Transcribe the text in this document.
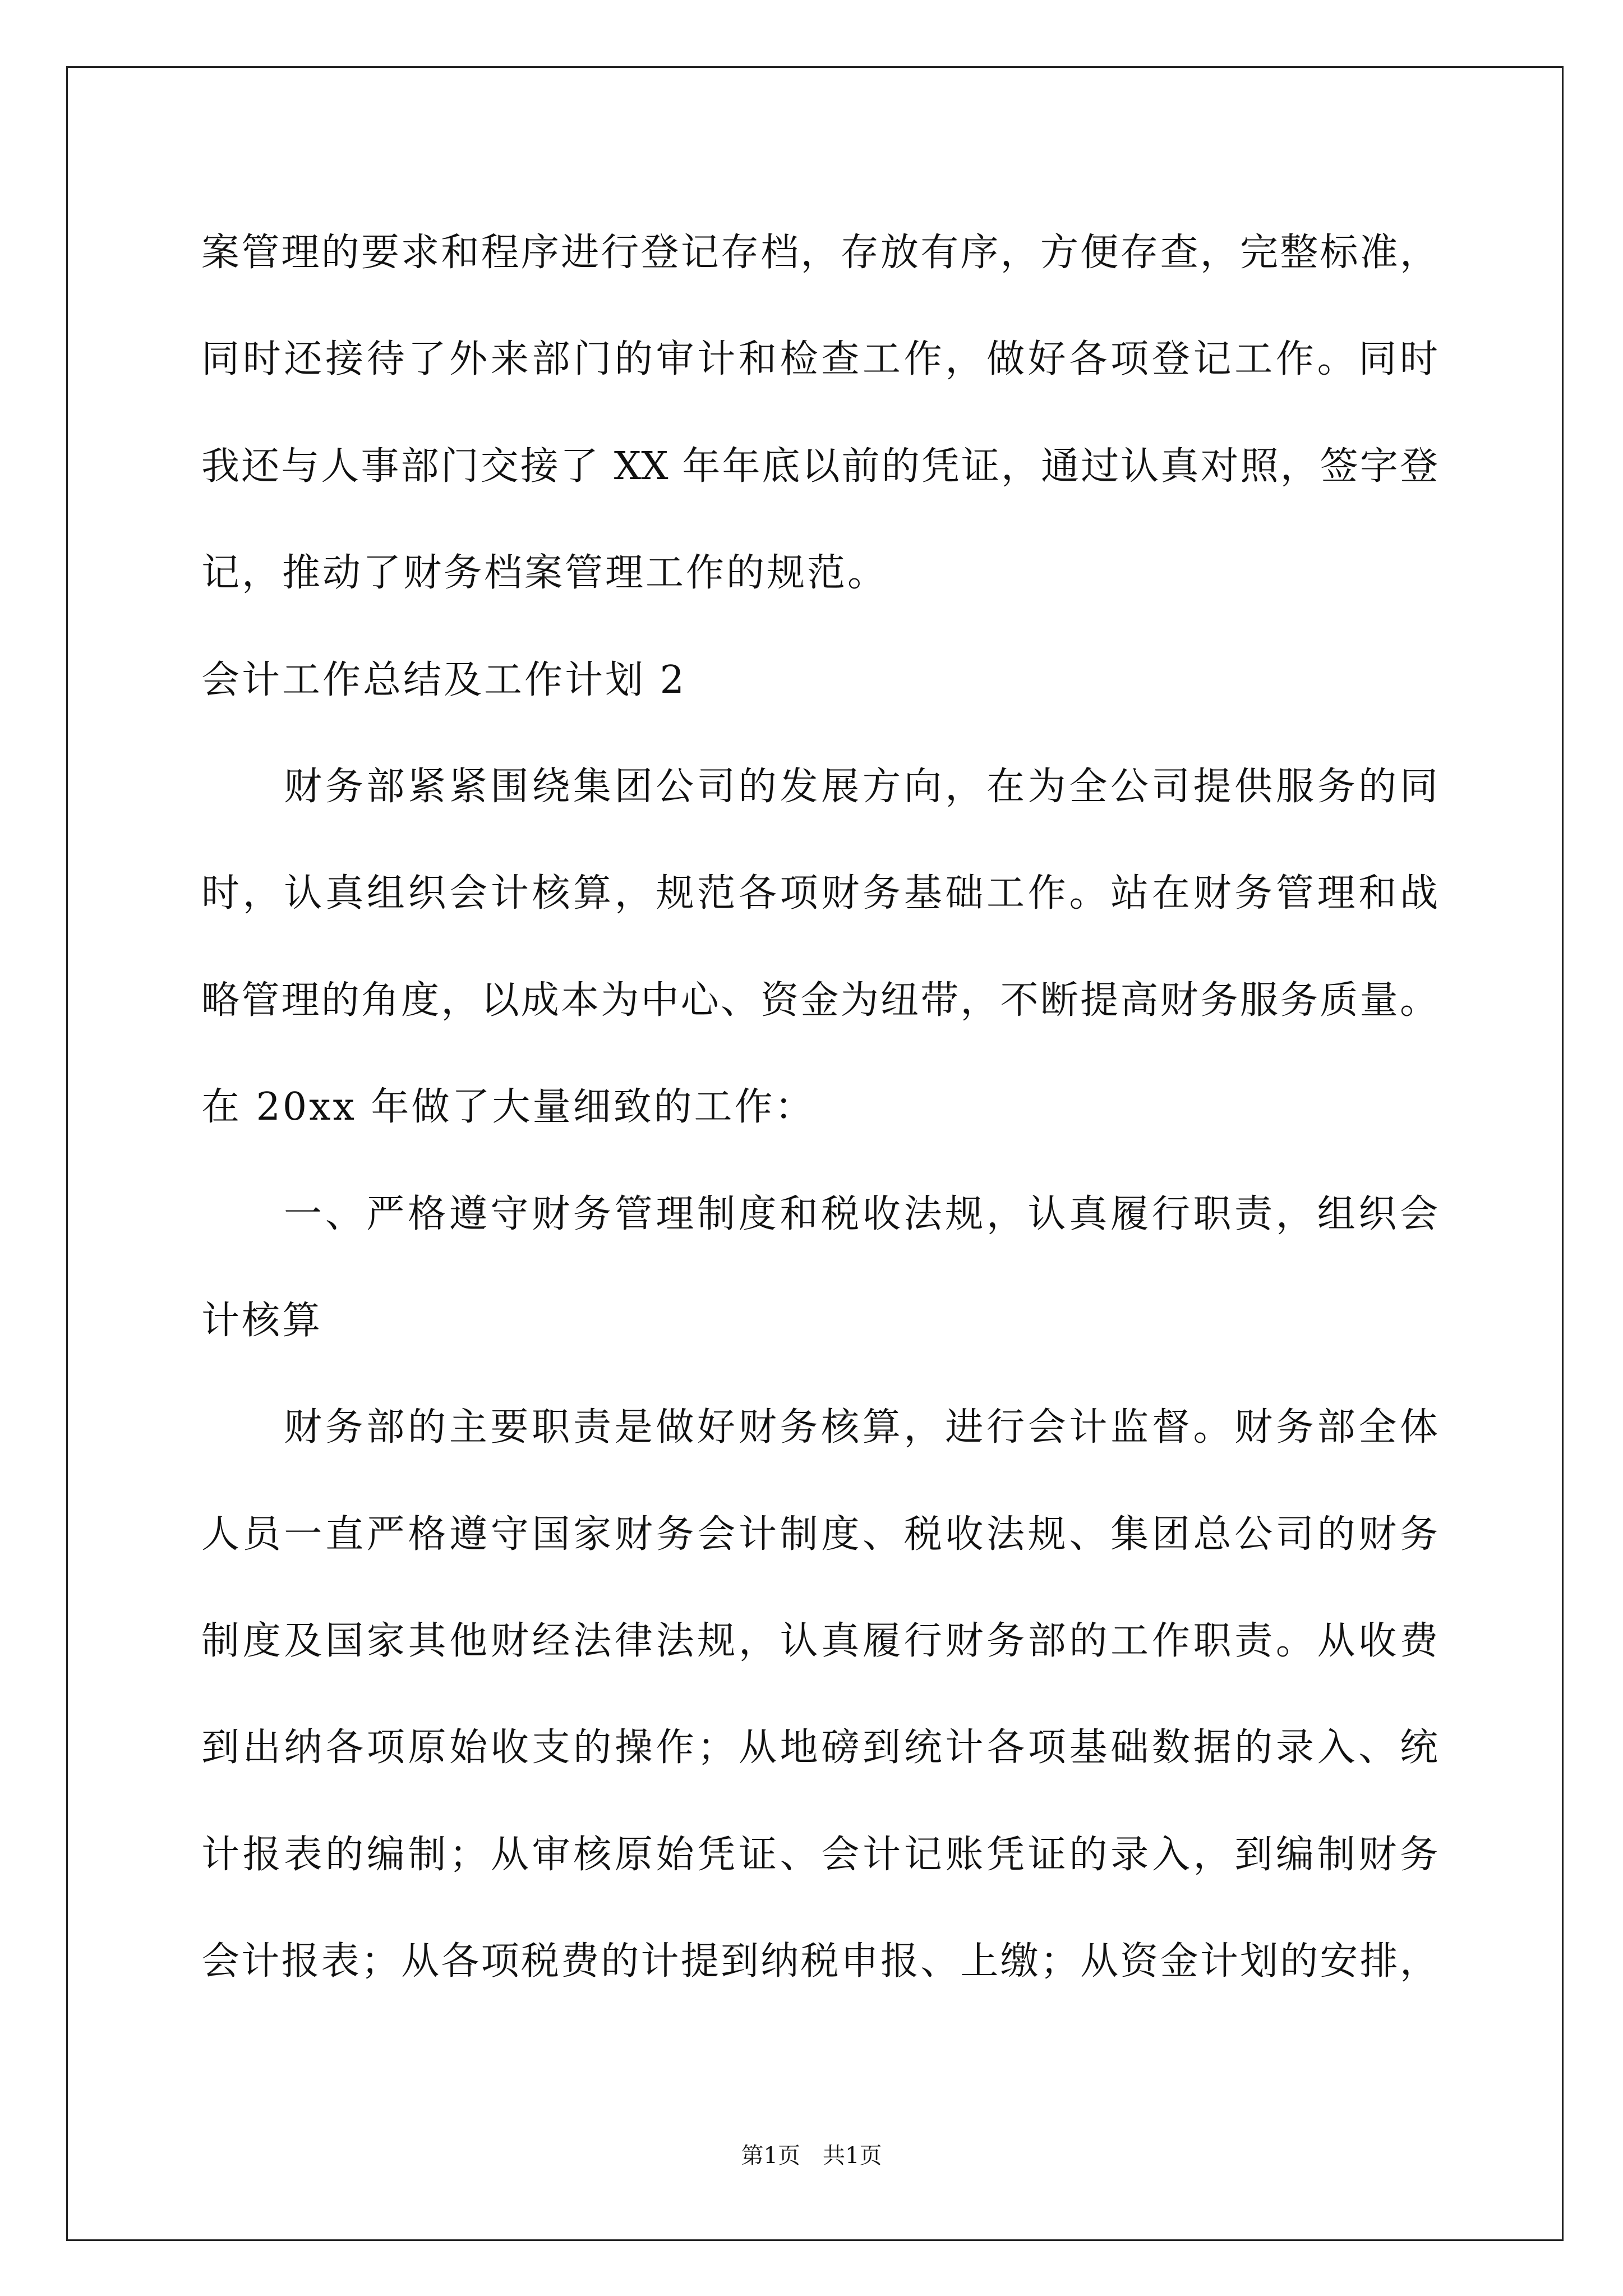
案管理的要求和程序进行登记存档，存放有序，方便存查，完整标准，
同时还接待了外来部门的审计和检查工作，做好各项登记工作。同时
我还与人事部门交接了 XX 年年底以前的凭证，通过认真对照，签字登
记，推动了财务档案管理工作的规范。
会计工作总结及工作计划 2
财务部紧紧围绕集团公司的发展方向，在为全公司提供服务的同
时，认真组织会计核算，规范各项财务基础工作。站在财务管理和战
略管理的角度，以成本为中心、资金为纽带，不断提高财务服务质量。
在 20xx 年做了大量细致的工作：
一、严格遵守财务管理制度和税收法规，认真履行职责，组织会
计核算
财务部的主要职责是做好财务核算，进行会计监督。财务部全体
人员一直严格遵守国家财务会计制度、税收法规、集团总公司的财务
制度及国家其他财经法律法规，认真履行财务部的工作职责。从收费
到出纳各项原始收支的操作；从地磅到统计各项基础数据的录入、统
计报表的编制；从审核原始凭证、会计记账凭证的录入，到编制财务
会计报表；从各项税费的计提到纳税申报、上缴；从资金计划的安排，
第1页　共1页
